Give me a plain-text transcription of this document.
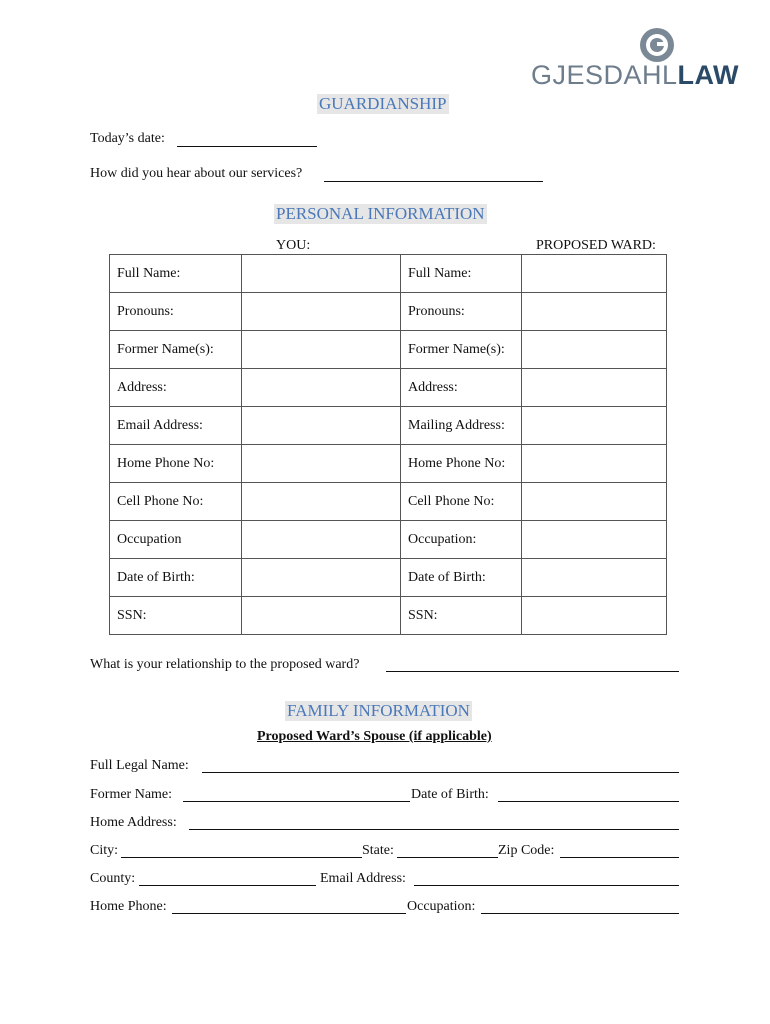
GJESDAHLLAW
GUARDIANSHIP
Today’s date:
How did you hear about our services?
PERSONAL INFORMATION
YOU:	PROPOSED WARD:
Full Name:		Full Name:	
Pronouns:		Pronouns:	
Former Name(s):		Former Name(s):	
Address:		Address:	
Email Address:		Mailing Address:	
Home Phone No:		Home Phone No:	
Cell Phone No:		Cell Phone No:	
Occupation		Occupation:	
Date of Birth:		Date of Birth:	
SSN:		SSN:	
What is your relationship to the proposed ward?
FAMILY INFORMATION
Proposed Ward’s Spouse (if applicable)
Full Legal Name:
Former Name:	Date of Birth:
Home Address:
City:	State:	Zip Code:
County:	Email Address:
Home Phone:	Occupation:
